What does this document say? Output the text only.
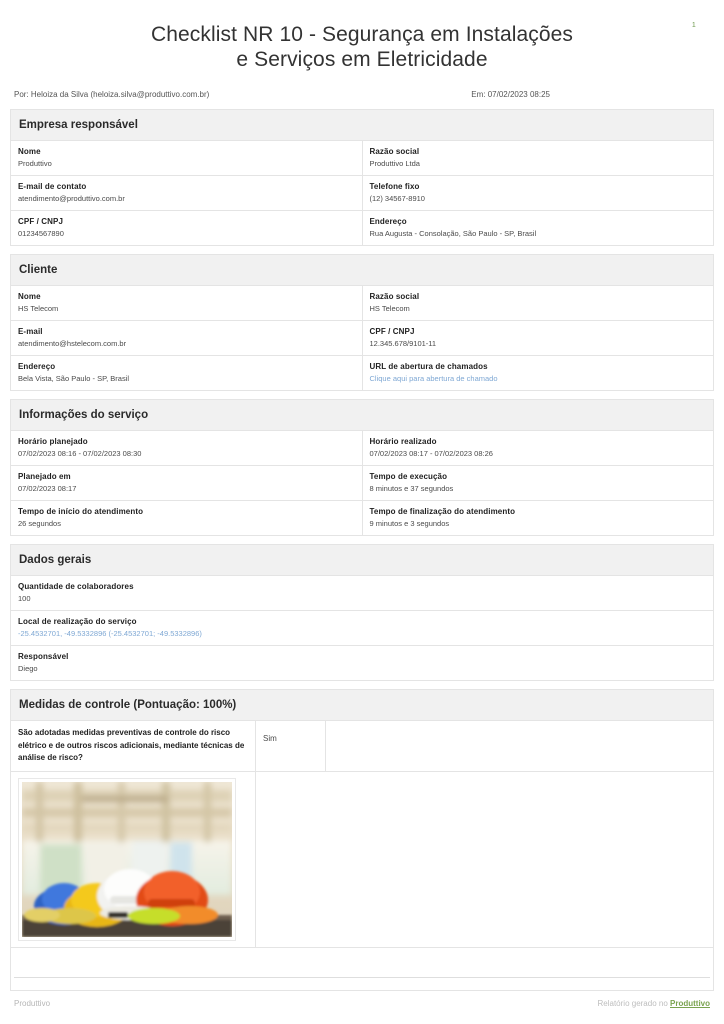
1
Checklist NR 10 - Segurança em Instalações e Serviços em Eletricidade
Por: Heloiza da Silva (heloiza.silva@produttivo.com.br)	Em: 07/02/2023 08:25
Empresa responsável
Nome
Produttivo

Razão social
Produttivo Ltda

E-mail de contato
atendimento@produttivo.com.br

Telefone fixo
(12) 34567-8910

CPF / CNPJ
01234567890

Endereço
Rua Augusta - Consolação, São Paulo - SP, Brasil
Cliente
Nome
HS Telecom

Razão social
HS Telecom

E-mail
atendimento@hstelecom.com.br

CPF / CNPJ
12.345.678/9101-11

Endereço
Bela Vista, São Paulo - SP, Brasil

URL de abertura de chamados
Clique aqui para abertura de chamado
Informações do serviço
Horário planejado
07/02/2023 08:16 - 07/02/2023 08:30

Horário realizado
07/02/2023 08:17 - 07/02/2023 08:26

Planejado em
07/02/2023 08:17

Tempo de execução
8 minutos e 37 segundos

Tempo de início do atendimento
26 segundos

Tempo de finalização do atendimento
9 minutos e 3 segundos
Dados gerais
Quantidade de colaboradores
100

Local de realização do serviço
-25.4532701, -49.5332896 (-25.4532701; -49.5332896)

Responsável
Diego
Medidas de controle (Pontuação: 100%)
São adotadas medidas preventivas de controle do risco elétrico e de outros riscos adicionais, mediante técnicas de análise de risco?	Sim	

Produttivo	Relatório gerado no Produttivo
